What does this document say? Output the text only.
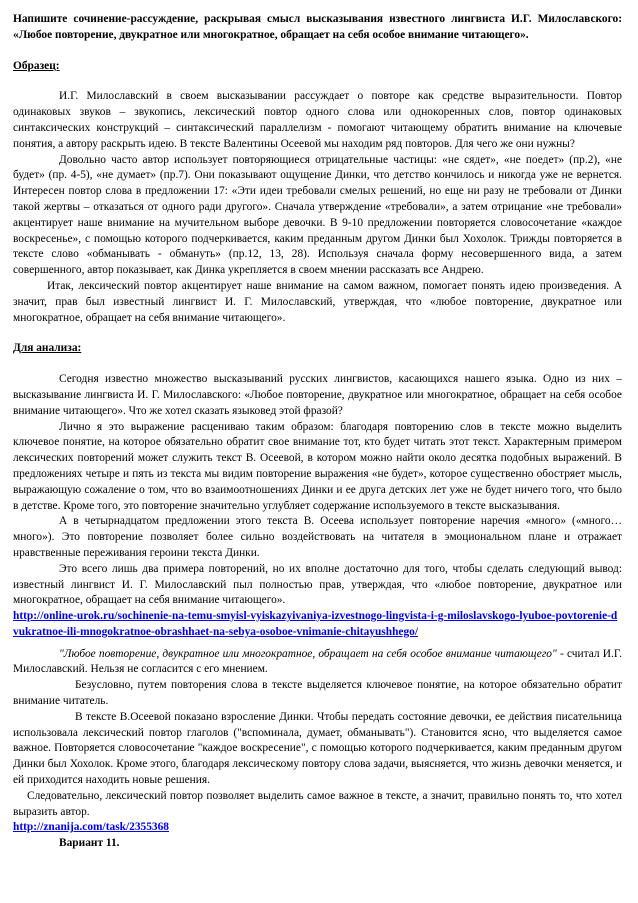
Напишите сочинение-рассуждение, раскрывая смысл высказывания известного лингвиста И.Г. Милославского: «Любое повторение, двукратное или многократное, обращает на себя особое внимание читающего».

Образец:

И.Г. Милославский в своем высказывании рассуждает о повторе как средстве выразительности. Повтор одинаковых звуков – звукопись, лексический повтор одного слова или однокоренных слов, повтор одинаковых синтаксических конструкций – синтаксический параллелизм - помогают читающему обратить внимание на ключевые понятия, а автору раскрыть идею. В тексте Валентины Осеевой мы находим ряд повторов. Для чего же они нужны?

Довольно часто автор использует повторяющиеся отрицательные частицы: «не сядет», «не поедет» (пр.2), «не будет» (пр. 4-5), «не думает» (пр.7). Они показывают ощущение Динки, что детство кончилось и никогда уже не вернется. Интересен повтор слова в предложении 17: «Эти идеи требовали смелых решений, но еще ни разу не требовали от Динки такой жертвы – отказаться от одного ради другого». Сначала утверждение «требовали», а затем отрицание «не требовали» акцентирует наше внимание на мучительном выборе девочки. В 9-10 предложении повторяется словосочетание «каждое воскресенье», с помощью которого подчеркивается, каким преданным другом Динки был Хохолок. Трижды повторяется в тексте слово «обманывать - обмануть» (пр.12, 13, 28). Используя сначала форму несовершенного вида, а затем совершенного, автор показывает, как Динка укрепляется в своем мнении рассказать все Андрею.

Итак, лексический повтор акцентирует наше внимание на самом важном, помогает понять идею произведения. А значит, прав был известный лингвист И. Г. Милославский, утверждая, что «любое повторение, двукратное или многократное, обращает на себя внимание читающего».

Для анализа:

Сегодня известно множество высказываний русских лингвистов, касающихся нашего языка. Одно из них – высказывание лингвиста И. Г. Милославского: «Любое повторение, двукратное или многократное, обращает на себя особое внимание читающего». Что же хотел сказать языковед этой фразой?

Лично я это выражение расцениваю таким образом: благодаря повторению слов в тексте можно выделить ключевое понятие, на которое обязательно обратит свое внимание тот, кто будет читать этот текст. Характерным примером лексических повторений может служить текст В. Осеевой, в котором можно найти около десятка подобных выражений. В предложениях четыре и пять из текста мы видим повторение выражения «не будет», которое существенно обостряет мысль, выражающую сожаление о том, что во взаимоотношениях Динки и ее друга детских лет уже не будет ничего того, что было в детстве. Кроме того, это повторение значительно углубляет содержание используемого в тексте высказывания.

А в четырнадцатом предложении этого текста В. Осеева использует повторение наречия «много» («много…много»). Это повторение позволяет более сильно воздействовать на читателя в эмоциональном плане и отражает нравственные переживания героини текста Динки.

Это всего лишь два примера повторений, но их вполне достаточно для того, чтобы сделать следующий вывод: известный лингвист И. Г. Милославский пыл полностью прав, утверждая, что «любое повторение, двукратное или многократное, обращает на себя внимание читающего».

http://online-urok.ru/sochinenie-na-temu-smyisl-vyiskazyivaniya-izvestnogo-lingvista-i-g-miloslavskogo-lyuboe-povtorenie-dvukratnoe-ili-mnogokratnoe-obrashhaet-na-sebya-osoboe-vnimanie-chitayushhego/

"Любое повторение, двукратное или многократное, обращает на себя особое внимание читающего" - считал И.Г. Милославский. Нельзя не согласится с его мнением.

Безусловно, путем повторения слова в тексте выделяется ключевое понятие, на которое обязательно обратит внимание читатель.

В тексте В.Осеевой показано взросление Динки. Чтобы передать состояние девочки, ее действия писательница использовала лексический повтор глаголов ("вспоминала, думает, обманывать"). Становится ясно, что выделяется самое важное. Повторяется словосочетание "каждое воскресение", с помощью которого подчеркивается, каким преданным другом Динки был Хохолок. Кроме этого, благодаря лексическому повтору слова задачи, выясняется, что жизнь девочки меняется, и ей приходится находить новые решения.

Следовательно, лексический повтор позволяет выделить самое важное в тексте, а значит, правильно понять то, что хотел выразить автор.

http://znanija.com/task/2355368

Вариант 11.
